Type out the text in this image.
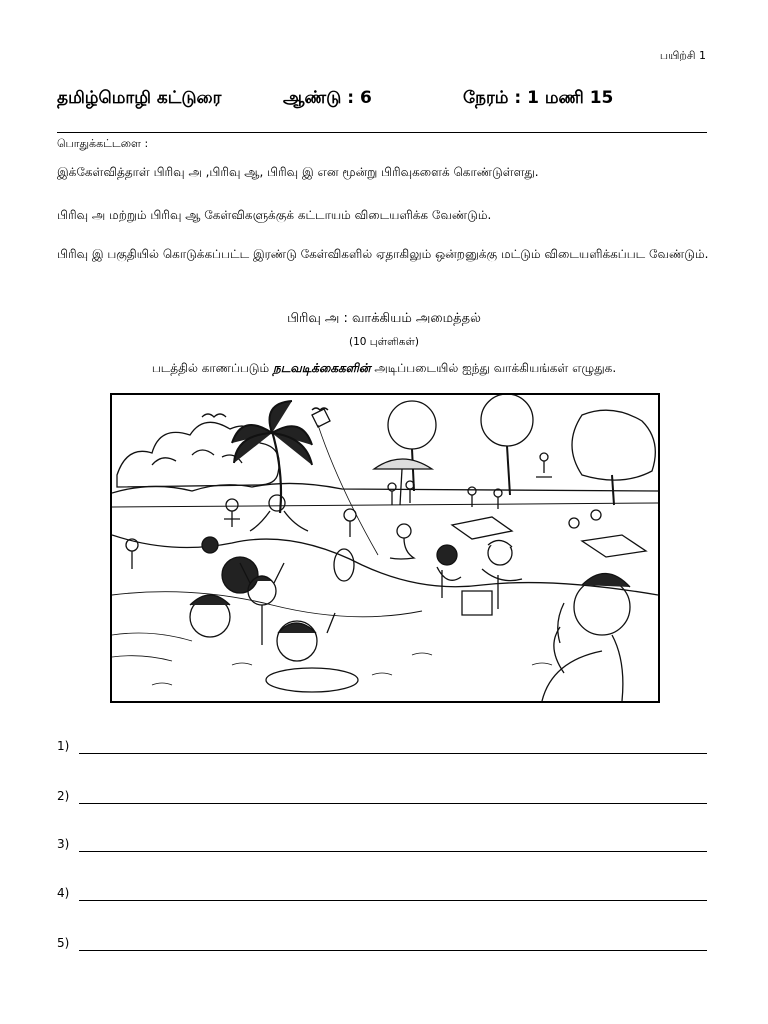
பயிற்சி 1
தமிழ்மொழி கட்டுரை	ஆண்டு : 6	நேரம் : 1 மணி 15
பொதுக்கட்டளை :
இக்கேள்வித்தாள் பிரிவு அ ,பிரிவு ஆ, பிரிவு இ என மூன்று பிரிவுகளைக் கொண்டுள்ளது.
பிரிவு அ மற்றும் பிரிவு ஆ கேள்விகளுக்குக் கட்டாயம் விடையளிக்க வேண்டும்.
பிரிவு இ பகுதியில் கொடுக்கப்பட்ட இரண்டு கேள்விகளில் ஏதாகிலும் ஒன்றனுக்கு மட்டும் விடையளிக்கப்பட வேண்டும்.
பிரிவு அ : வாக்கியம் அமைத்தல்
(10 புள்ளிகள்)
படத்தில் காணப்படும் நடவடிக்கைகளின் அடிப்படையில் ஐந்து வாக்கியங்கள் எழுதுக.
1)
2)
3)
4)
5)
